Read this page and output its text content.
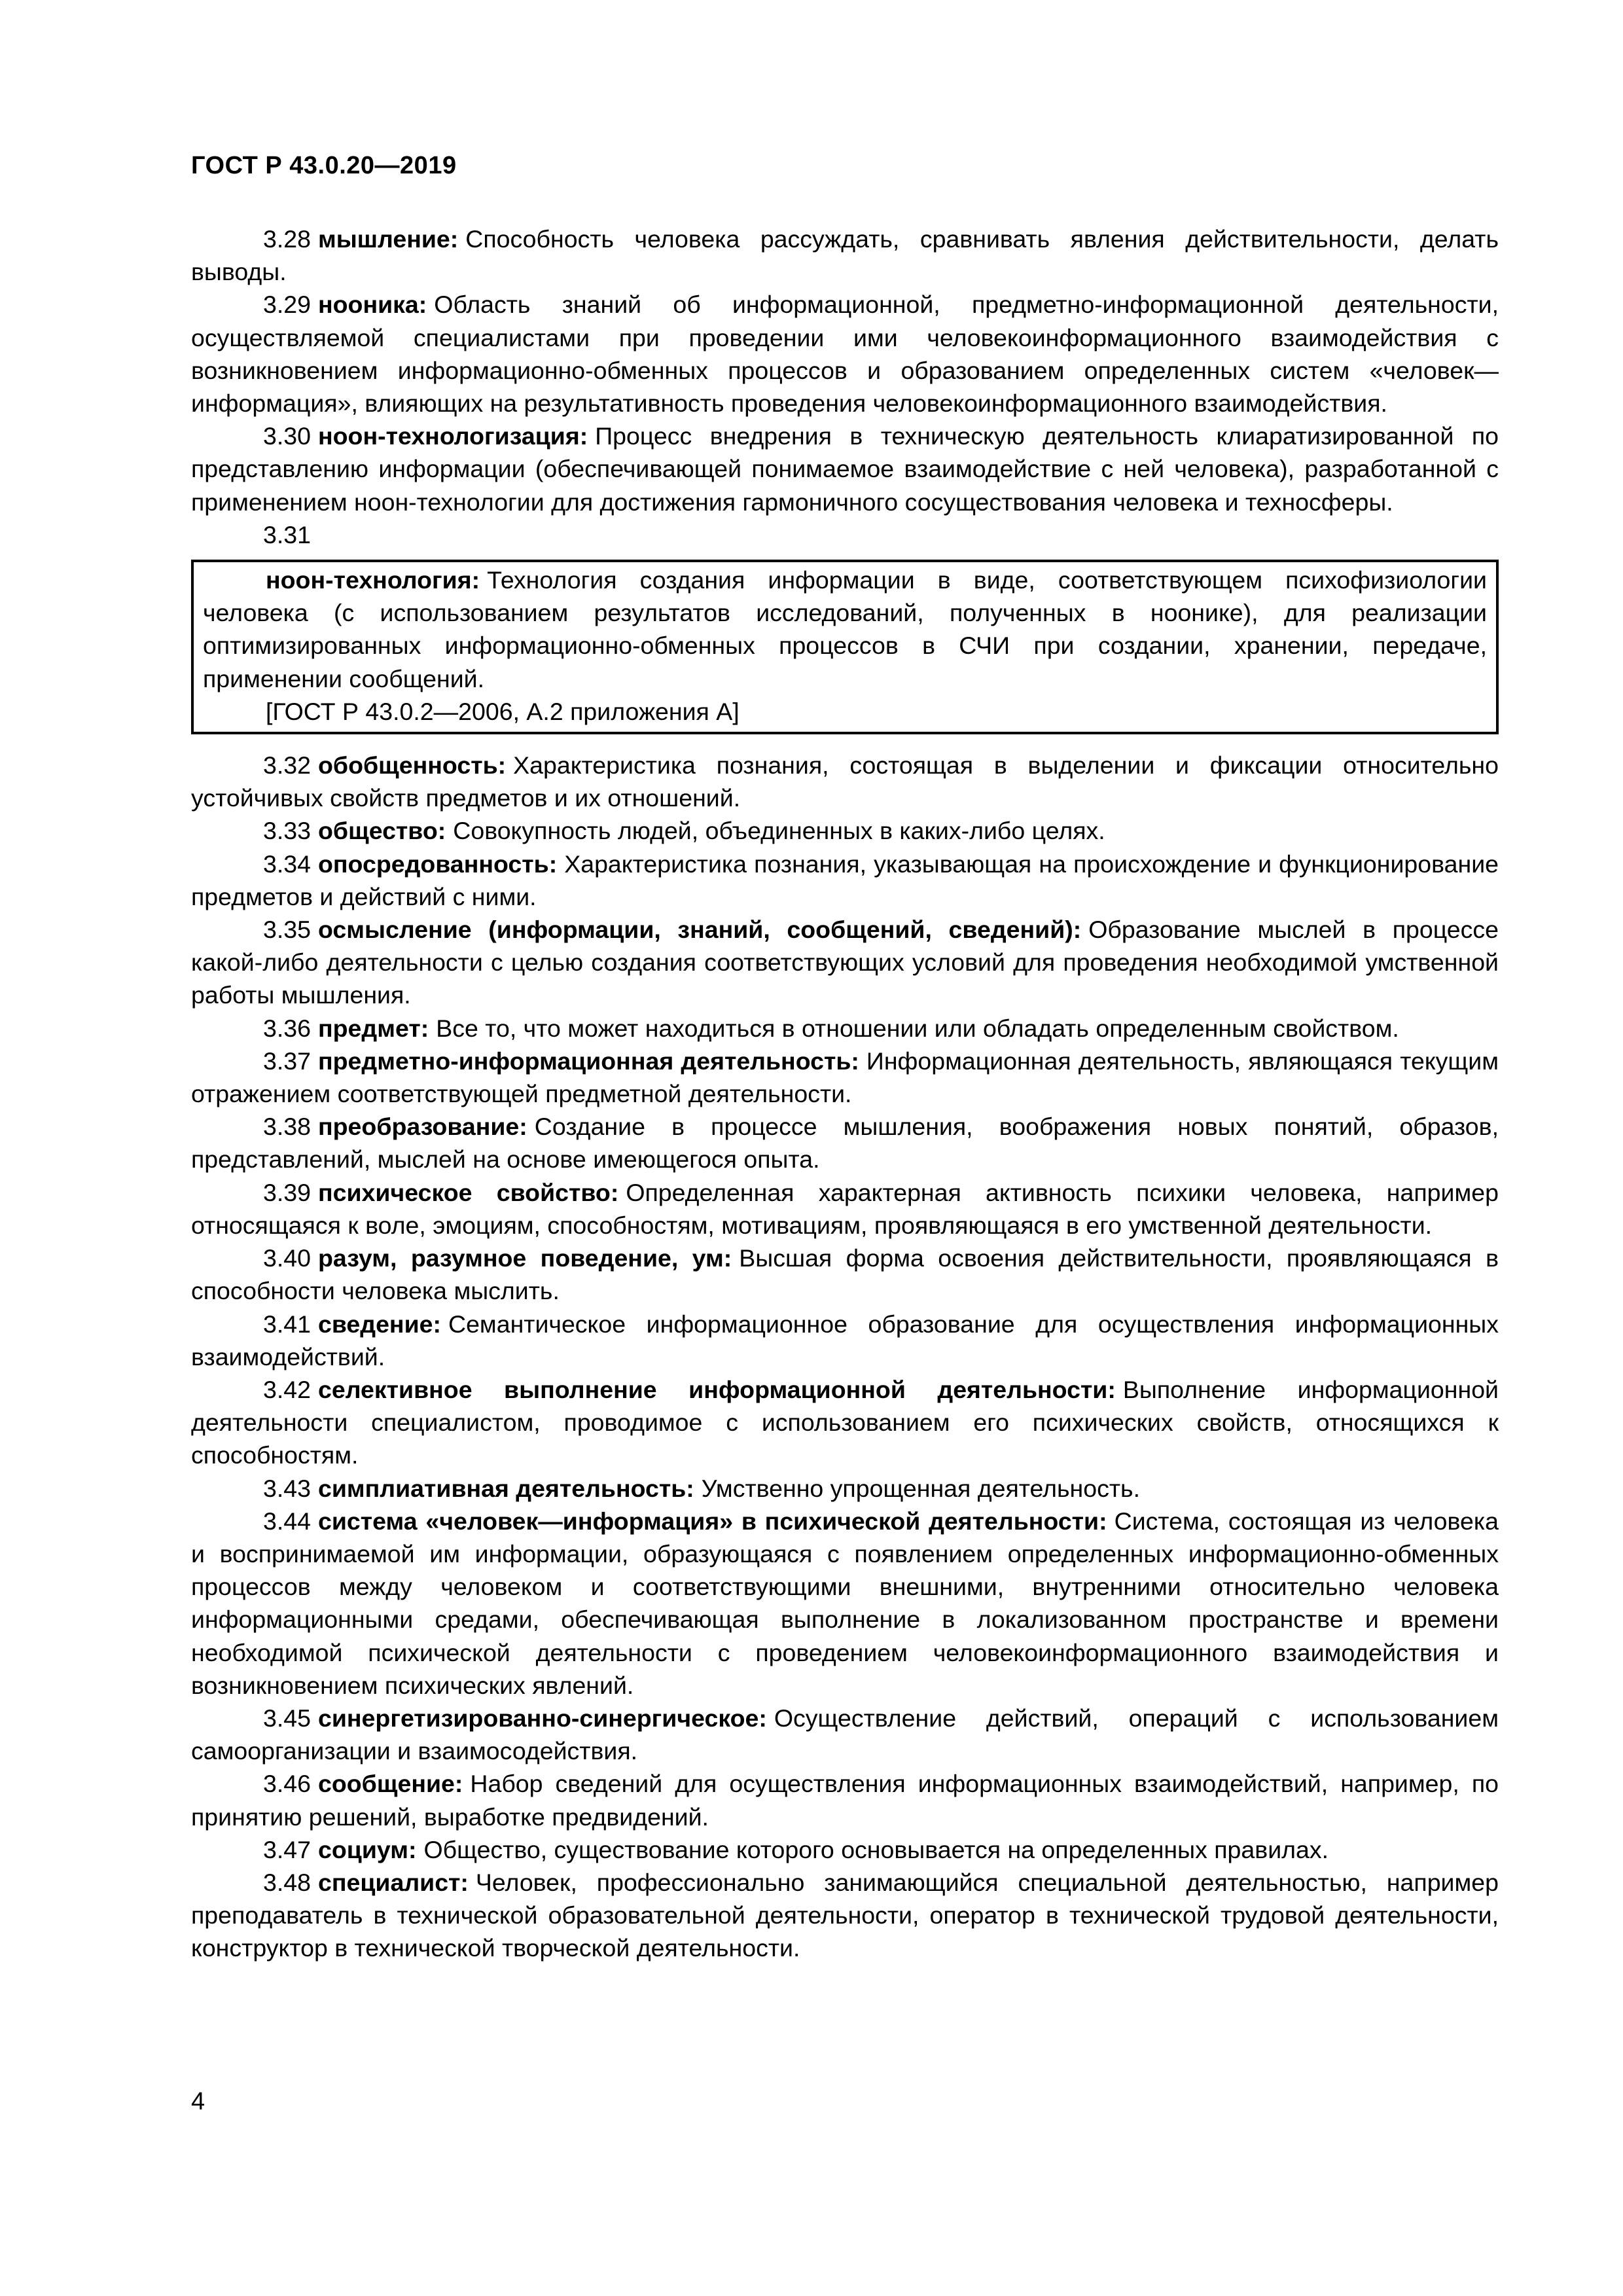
ГОСТ Р 43.0.20—2019

3.28 мышление : Способность человека рассуждать, сравнивать явления действительности, делать выводы.

3.29 нооника : Область знаний об информационной, предметно-информационной деятельности, осуществляемой специалистами при проведении ими человекоинформационного взаимодействия с возникновением информационно-обменных процессов и образованием определенных систем «человек—информация», влияющих на результативность проведения человекоинформационного взаимодействия.

3.30 ноон-технологизация : Процесс внедрения в техническую деятельность клиаратизированной по представлению информации (обеспечивающей понимаемое взаимодействие с ней человека), разработанной с применением ноон-технологии для достижения гармоничного сосуществования человека и техносферы.

3.31

ноон-технология : Технология создания информации в виде, соответствующем психофизиологии человека (с использованием результатов исследований, полученных в ноонике), для реализации оптимизированных информационно-обменных процессов в СЧИ при создании, хранении, передаче, применении сообщений.

[ГОСТ Р 43.0.2—2006, А.2 приложения А]

3.32 обобщенность : Характеристика познания, состоящая в выделении и фиксации относительно устойчивых свойств предметов и их отношений.

3.33 общество : Совокупность людей, объединенных в каких-либо целях.

3.34 опосредованность : Характеристика познания, указывающая на происхождение и функционирование предметов и действий с ними.

3.35 осмысление (информации, знаний, сообщений, сведений) : Образование мыслей в процессе какой-либо деятельности с целью создания соответствующих условий для проведения необходимой умственной работы мышления.

3.36 предмет : Все то, что может находиться в отношении или обладать определенным свойством.

3.37 предметно-информационная деятельность : Информационная деятельность, являющаяся текущим отражением соответствующей предметной деятельности.

3.38 преобразование : Создание в процессе мышления, воображения новых понятий, образов, представлений, мыслей на основе имеющегося опыта.

3.39 психическое свойство : Определенная характерная активность психики человека, например относящаяся к воле, эмоциям, способностям, мотивациям, проявляющаяся в его умственной деятельности.

3.40 разум, разумное поведение, ум : Высшая форма освоения действительности, проявляющаяся в способности человека мыслить.

3.41 сведение : Семантическое информационное образование для осуществления информационных взаимодействий.

3.42 селективное выполнение информационной деятельности : Выполнение информационной деятельности специалистом, проводимое с использованием его психических свойств, относящихся к способностям.

3.43 симплиативная деятельность : Умственно упрощенная деятельность.

3.44 система «человек—информация» в психической деятельности : Система, состоящая из человека и воспринимаемой им информации, образующаяся с появлением определенных информационно-обменных процессов между человеком и соответствующими внешними, внутренними относительно человека информационными средами, обеспечивающая выполнение в локализованном пространстве и времени необходимой психической деятельности с проведением человекоинформационного взаимодействия и возникновением психических явлений.

3.45 синергетизированно-синергическое : Осуществление действий, операций с использованием самоорганизации и взаимосодействия.

3.46 сообщение : Набор сведений для осуществления информационных взаимодействий, например, по принятию решений, выработке предвидений.

3.47 социум : Общество, существование которого основывается на определенных правилах.

3.48 специалист : Человек, профессионально занимающийся специальной деятельностью, например преподаватель в технической образовательной деятельности, оператор в технической трудовой деятельности, конструктор в технической творческой деятельности.

4
